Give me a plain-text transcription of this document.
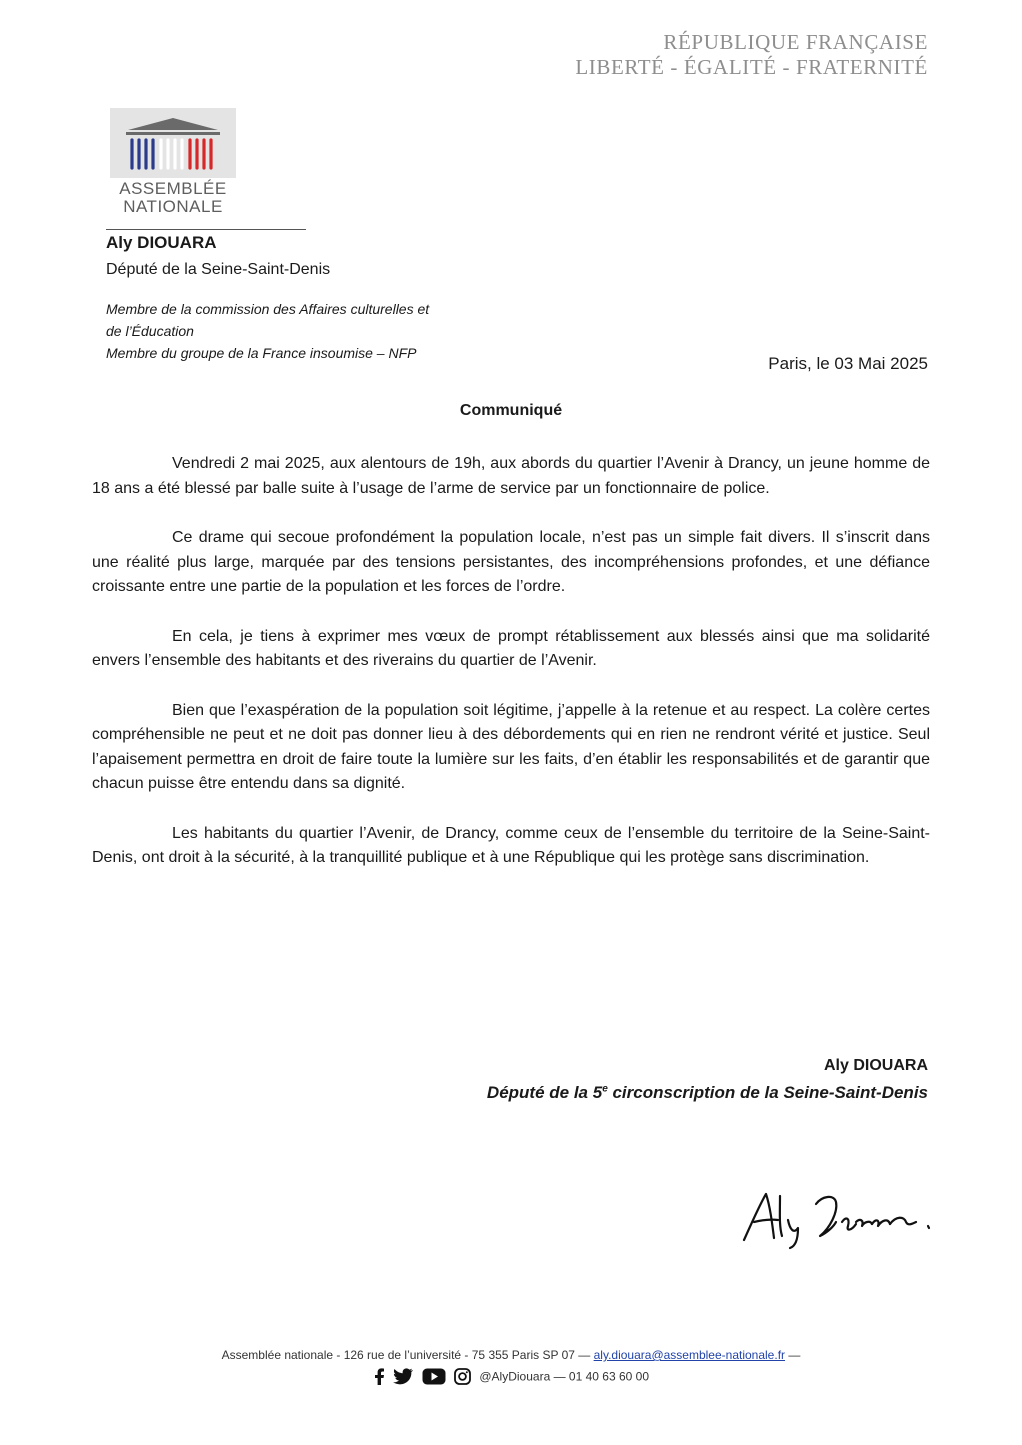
RÉPUBLIQUE FRANÇAISE
LIBERTÉ - ÉGALITÉ - FRATERNITÉ
ASSEMBLÉE
NATIONALE
Aly DIOUARA
Député de la Seine-Saint-Denis
Membre de la commission des Affaires culturelles et
de l’Éducation
Membre du groupe de la France insoumise – NFP
Paris, le 03 Mai 2025
Communiqué

Vendredi 2 mai 2025, aux alentours de 19h, aux abords du quartier l’Avenir à Drancy, un jeune homme de 18 ans a été blessé par balle suite à l’usage de l’arme de service par un fonctionnaire de police.

Ce drame qui secoue profondément la population locale, n’est pas un simple fait divers. Il s’inscrit dans une réalité plus large, marquée par des tensions persistantes, des incompréhensions profondes, et une défiance croissante entre une partie de la population et les forces de l’ordre.

En cela, je tiens à exprimer mes vœux de prompt rétablissement aux blessés ainsi que ma solidarité envers l’ensemble des habitants et des riverains du quartier de l’Avenir.

Bien que l’exaspération de la population soit légitime, j’appelle à la retenue et au respect. La colère certes compréhensible ne peut et ne doit pas donner lieu à des débordements qui en rien ne rendront vérité et justice. Seul l’apaisement permettra en droit de faire toute la lumière sur les faits, d’en établir les responsabilités et de garantir que chacun puisse être entendu dans sa dignité.

Les habitants du quartier l’Avenir, de Drancy, comme ceux de l’ensemble du territoire de la Seine-Saint-Denis, ont droit à la sécurité, à la tranquillité publique et à une République qui les protège sans discrimination.

Aly DIOUARA
Député de la 5e circonscription de la Seine-Saint-Denis
Assemblée nationale - 126 rue de l’université - 75 355 Paris SP 07 — aly.diouara@assemblee-nationale.fr —
@AlyDiouara — 01 40 63 60 00
